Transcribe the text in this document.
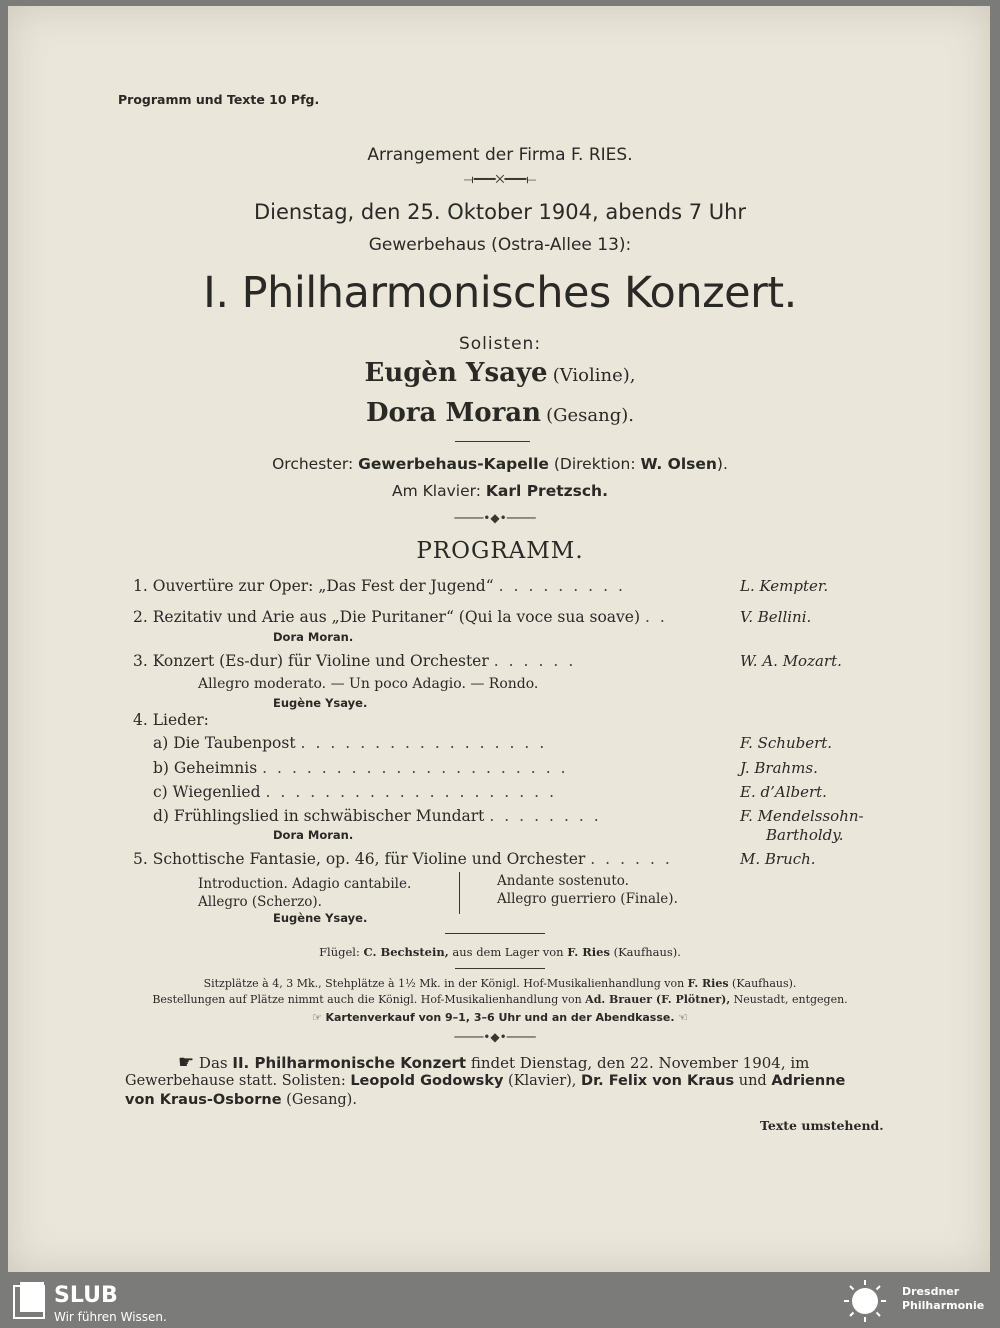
Programm und Texte 10 Pfg.
Arrangement der Firma F. RIES.
⟞━━━✕━━━⟝
Dienstag, den 25. Oktober 1904, abends 7 Uhr
Gewerbehaus (Ostra-Allee 13):
I. Philharmonisches Konzert.
Solisten:
Eugèn Ysaye (Violine),
Dora Moran (Gesang).
Orchester: Gewerbehaus-Kapelle (Direktion: W. Olsen).
Am Klavier: Karl Pretzsch.
────•◆•────
PROGRAMM.
1. Ouvertüre zur Oper: „Das Fest der Jugend“ .........	L. Kempter.
2. Rezitativ und Arie aus „Die Puritaner“ (Qui la voce sua soave) ..	V. Bellini.
Dora Moran.
3. Konzert (Es-dur) für Violine und Orchester ......	W. A. Mozart.
Allegro moderato. — Un poco Adagio. — Rondo.
Eugène Ysaye.
4. Lieder:
a) Die Taubenpost .................	F. Schubert.
b) Geheimnis .....................	J. Brahms.
c) Wiegenlied ....................	E. d’Albert.
d) Frühlingslied in schwäbischer Mundart ........	F. Mendelssohn-
Bartholdy.
Dora Moran.
5. Schottische Fantasie, op. 46, für Violine und Orchester ......	M. Bruch.
Introduction. Adagio cantabile.
Allegro (Scherzo).
Andante sostenuto.
Allegro guerriero (Finale).
Eugène Ysaye.
Flügel: C. Bechstein, aus dem Lager von F. Ries (Kaufhaus).
Sitzplätze à 4, 3 Mk., Stehplätze à 1½ Mk. in der Königl. Hof-Musikalienhandlung von F. Ries (Kaufhaus).
Bestellungen auf Plätze nimmt auch die Königl. Hof-Musikalienhandlung von Ad. Brauer (F. Plötner), Neustadt, entgegen.
☞ Kartenverkauf von 9–1, 3–6 Uhr und an der Abendkasse. ☜
────•◆•────
☛ Das II. Philharmonische Konzert findet Dienstag, den 22. November 1904, im
Gewerbehause statt. Solisten: Leopold Godowsky (Klavier), Dr. Felix von Kraus und Adrienne
von Kraus-Osborne (Gesang).
Texte umstehend.
SLUB
Wir führen Wissen.
Dresdner
Philharmonie
